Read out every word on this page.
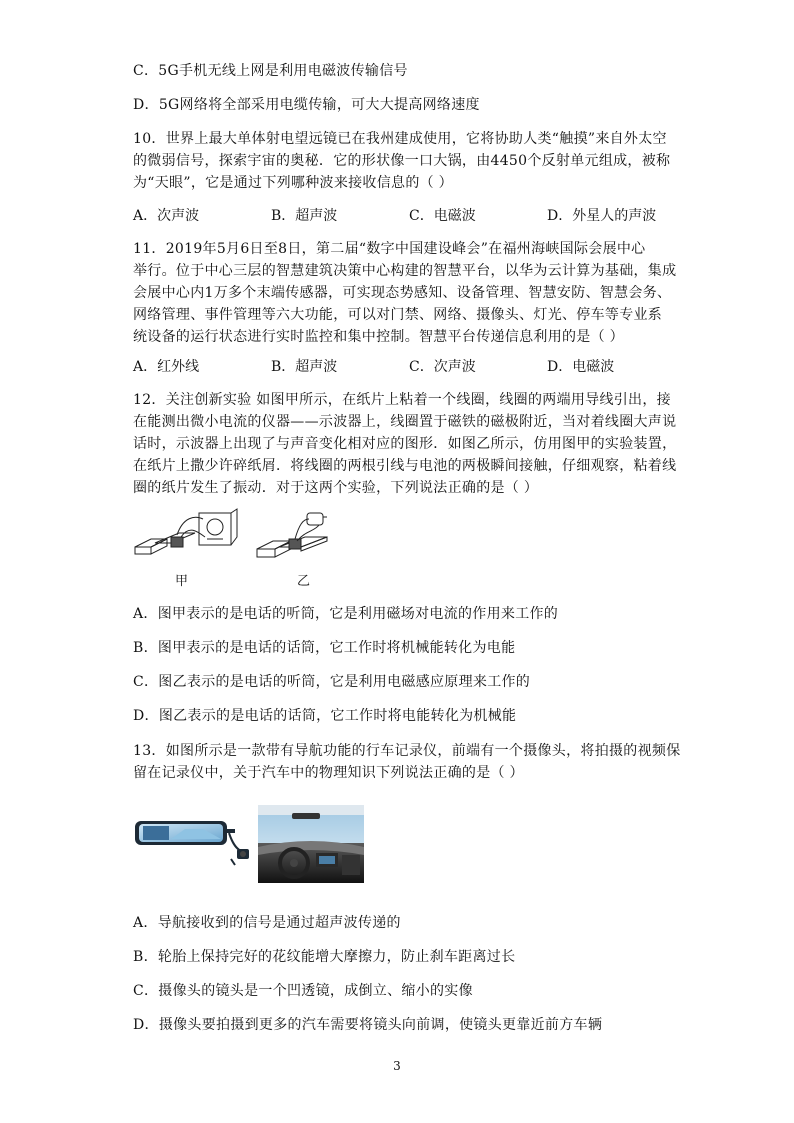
C．5G手机无线上网是利用电磁波传输信号
D．5G网络将全部采用电缆传输，可大大提高网络速度
10．世界上最大单体射电望远镜已在我州建成使用，它将协助人类“触摸”来自外太空
的微弱信号，探索宇宙的奥秘．它的形状像一口大锅，由4450个反射单元组成，被称
为“天眼”，它是通过下列哪种波来接收信息的（ ）
A．次声波	B．超声波	C．电磁波	D．外星人的声波
11．2019年5月6日至8日，第二届“数字中国建设峰会”在福州海峡国际会展中心
举行。位于中心三层的智慧建筑决策中心构建的智慧平台，以华为云计算为基础，集成
会展中心内1万多个末端传感器，可实现态势感知、设备管理、智慧安防、智慧会务、
网络管理、事件管理等六大功能，可以对门禁、网络、摄像头、灯光、停车等专业系
统设备的运行状态进行实时监控和集中控制。智慧平台传递信息利用的是（ ）
A．红外线	B．超声波	C．次声波	D．电磁波
12．关注创新实验 如图甲所示，在纸片上粘着一个线圈，线圈的两端用导线引出，接
在能测出微小电流的仪器——示波器上，线圈置于磁铁的磁极附近，当对着线圈大声说
话时，示波器上出现了与声音变化相对应的图形．如图乙所示，仿用图甲的实验装置，
在纸片上撒少许碎纸屑．将线圈的两根引线与电池的两极瞬间接触，仔细观察，粘着线
圈的纸片发生了振动．对于这两个实验，下列说法正确的是（ ）
甲	乙
A．图甲表示的是电话的听筒，它是利用磁场对电流的作用来工作的
B．图甲表示的是电话的话筒，它工作时将机械能转化为电能
C．图乙表示的是电话的听筒，它是利用电磁感应原理来工作的
D．图乙表示的是电话的话筒，它工作时将电能转化为机械能
13．如图所示是一款带有导航功能的行车记录仪，前端有一个摄像头，将拍摄的视频保
留在记录仪中，关于汽车中的物理知识下列说法正确的是（ ）
A．导航接收到的信号是通过超声波传递的
B．轮胎上保持完好的花纹能增大摩擦力，防止刹车距离过长
C．摄像头的镜头是一个凹透镜，成倒立、缩小的实像
D．摄像头要拍摄到更多的汽车需要将镜头向前调，使镜头更靠近前方车辆
3
